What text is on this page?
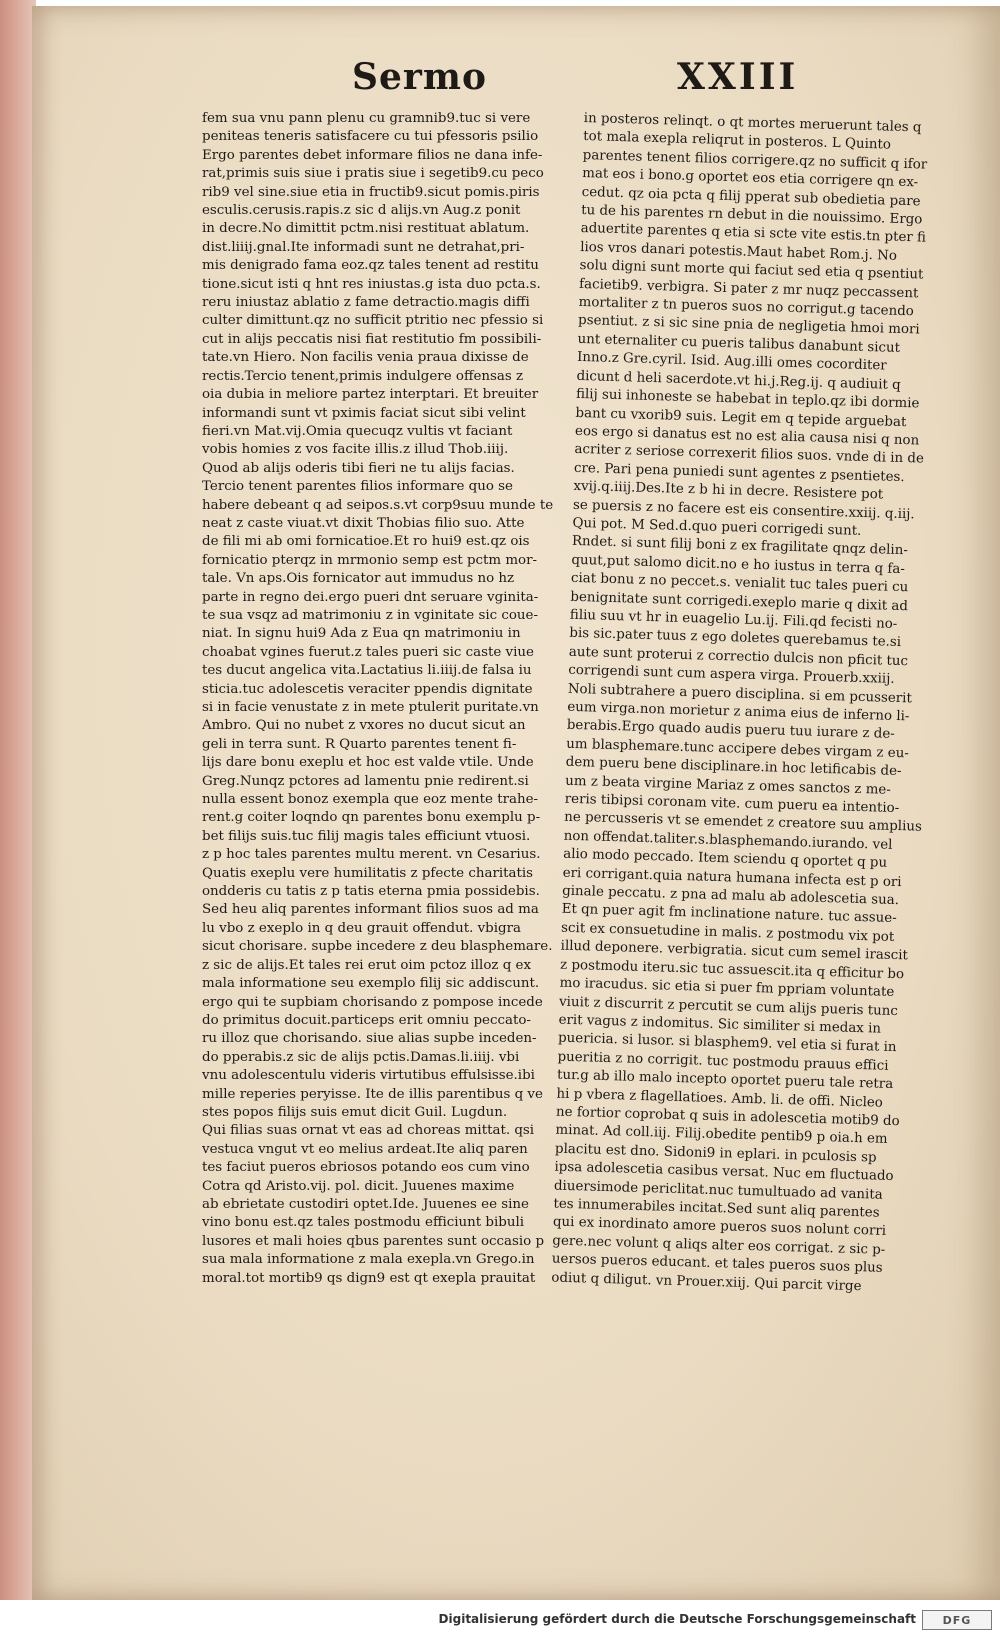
Sermo	XXIII
fem sua vnu pann plenu cu gramnib9.tuc si vere
peniteas teneris satisfacere cu tui pfessoris psilio
Ergo parentes debet informare filios ne dana infe-
rat,primis suis siue i pratis siue i segetib9.cu peco
rib9 vel sine.siue etia in fructib9.sicut pomis.piris
esculis.cerusis.rapis.z sic d alijs.vn Aug.z ponit
in decre.No dimittit pctm.nisi restituat ablatum.
dist.liiij.gnal.Ite informadi sunt ne detrahat,pri-
mis denigrado fama eoz.qz tales tenent ad restitu
tione.sicut isti q hnt res iniustas.g ista duo pcta.s.
reru iniustaz ablatio z fame detractio.magis diffi
culter dimittunt.qz no sufficit ptritio nec pfessio si
cut in alijs peccatis nisi fiat restitutio fm possibili-
tate.vn Hiero. Non facilis venia praua dixisse de
rectis.Tercio tenent,primis indulgere offensas z
oia dubia in meliore partez interptari. Et breuiter
informandi sunt vt pximis faciat sicut sibi velint
fieri.vn Mat.vij.Omia quecuqz vultis vt faciant
vobis homies z vos facite illis.z illud Thob.iiij.
Quod ab alijs oderis tibi fieri ne tu alijs facias.
Tercio tenent parentes filios informare quo se
habere debeant q ad seipos.s.vt corp9suu munde te
neat z caste viuat.vt dixit Thobias filio suo. Atte
de fili mi ab omi fornicatioe.Et ro hui9 est.qz ois
fornicatio pterqz in mrmonio semp est pctm mor-
tale. Vn aps.Ois fornicator aut immudus no hz
parte in regno dei.ergo pueri dnt seruare vginita-
te sua vsqz ad matrimoniu z in vginitate sic coue-
niat. In signu hui9 Ada z Eua qn matrimoniu in
choabat vgines fuerut.z tales pueri sic caste viue
tes ducut angelica vita.Lactatius li.iiij.de falsa iu
sticia.tuc adolescetis veraciter ppendis dignitate
si in facie venustate z in mete ptulerit puritate.vn
Ambro. Qui no nubet z vxores no ducut sicut an
geli in terra sunt. R Quarto parentes tenent fi-
lijs dare bonu exeplu et hoc est valde vtile. Unde
Greg.Nunqz pctores ad lamentu pnie redirent.si
nulla essent bonoz exempla que eoz mente trahe-
rent.g coiter loqndo qn parentes bonu exemplu p-
bet filijs suis.tuc filij magis tales efficiunt vtuosi.
z p hoc tales parentes multu merent. vn Cesarius.
Quatis exeplu vere humilitatis z pfecte charitatis
ondderis cu tatis z p tatis eterna pmia possidebis.
Sed heu aliq parentes informant filios suos ad ma
lu vbo z exeplo in q deu grauit offendut. vbigra
sicut chorisare. supbe incedere z deu blasphemare.
z sic de alijs.Et tales rei erut oim pctoz illoz q ex
mala informatione seu exemplo filij sic addiscunt.
ergo qui te supbiam chorisando z pompose incede
do primitus docuit.particeps erit omniu peccato-
ru illoz que chorisando. siue alias supbe inceden-
do pperabis.z sic de alijs pctis.Damas.li.iiij. vbi
vnu adolescentulu videris virtutibus effulsisse.ibi
mille reperies peryisse. Ite de illis parentibus q ve
stes popos filijs suis emut dicit Guil. Lugdun.
Qui filias suas ornat vt eas ad choreas mittat. qsi
vestuca vngut vt eo melius ardeat.Ite aliq paren
tes faciut pueros ebriosos potando eos cum vino
Cotra qd Aristo.vij. pol. dicit. Juuenes maxime
ab ebrietate custodiri optet.Ide. Juuenes ee sine
vino bonu est.qz tales postmodu efficiunt bibuli
lusores et mali hoies qbus parentes sunt occasio p
sua mala informatione z mala exepla.vn Grego.in
moral.tot mortib9 qs dign9 est qt exepla prauitat
in posteros relinqt. o qt mortes meruerunt tales q
tot mala exepla reliqrut in posteros. L Quinto
parentes tenent filios corrigere.qz no sufficit q ifor
mat eos i bono.g oportet eos etia corrigere qn ex-
cedut. qz oia pcta q filij pperat sub obedietia pare
tu de his parentes rn debut in die nouissimo. Ergo
aduertite parentes q etia si scte vite estis.tn pter fi
lios vros danari potestis.Maut habet Rom.j. No
solu digni sunt morte qui faciut sed etia q psentiut
facietib9. verbigra. Si pater z mr nuqz peccassent
mortaliter z tn pueros suos no corrigut.g tacendo
psentiut. z si sic sine pnia de negligetia hmoi mori
unt eternaliter cu pueris talibus danabunt sicut
Inno.z Gre.cyril. Isid. Aug.illi omes cocorditer
dicunt d heli sacerdote.vt hi.j.Reg.ij. q audiuit q
filij sui inhoneste se habebat in teplo.qz ibi dormie
bant cu vxorib9 suis. Legit em q tepide arguebat
eos ergo si danatus est no est alia causa nisi q non
acriter z seriose correxerit filios suos. vnde di in de
cre. Pari pena puniedi sunt agentes z psentietes.
xvij.q.iiij.Des.Ite z b hi in decre. Resistere pot
se puersis z no facere est eis consentire.xxiij. q.iij.
Qui pot. M Sed.d.quo pueri corrigedi sunt.
Rndet. si sunt filij boni z ex fragilitate qnqz delin-
quut,put salomo dicit.no e ho iustus in terra q fa-
ciat bonu z no peccet.s. venialit tuc tales pueri cu
benignitate sunt corrigedi.exeplo marie q dixit ad
filiu suu vt hr in euagelio Lu.ij. Fili.qd fecisti no-
bis sic.pater tuus z ego doletes querebamus te.si
aute sunt proterui z correctio dulcis non pficit tuc
corrigendi sunt cum aspera virga. Prouerb.xxiij.
Noli subtrahere a puero disciplina. si em pcusserit
eum virga.non morietur z anima eius de inferno li-
berabis.Ergo quado audis pueru tuu iurare z de-
um blasphemare.tunc accipere debes virgam z eu-
dem pueru bene disciplinare.in hoc letificabis de-
um z beata virgine Mariaz z omes sanctos z me-
reris tibipsi coronam vite. cum pueru ea intentio-
ne percusseris vt se emendet z creatore suu amplius
non offendat.taliter.s.blasphemando.iurando. vel
alio modo peccado. Item sciendu q oportet q pu
eri corrigant.quia natura humana infecta est p ori
ginale peccatu. z pna ad malu ab adolescetia sua.
Et qn puer agit fm inclinatione nature. tuc assue-
scit ex consuetudine in malis. z postmodu vix pot
illud deponere. verbigratia. sicut cum semel irascit
z postmodu iteru.sic tuc assuescit.ita q efficitur bo
mo iracudus. sic etia si puer fm ppriam voluntate
viuit z discurrit z percutit se cum alijs pueris tunc
erit vagus z indomitus. Sic similiter si medax in
puericia. si lusor. si blasphem9. vel etia si furat in
pueritia z no corrigit. tuc postmodu prauus effici
tur.g ab illo malo incepto oportet pueru tale retra
hi p vbera z flagellatioes. Amb. li. de offi. Nicleo
ne fortior coprobat q suis in adolescetia motib9 do
minat. Ad coll.iij. Filij.obedite pentib9 p oia.h em
placitu est dno. Sidoni9 in eplari. in pculosis sp
ipsa adolescetia casibus versat. Nuc em fluctuado
diuersimode periclitat.nuc tumultuado ad vanita
tes innumerabiles incitat.Sed sunt aliq parentes
qui ex inordinato amore pueros suos nolunt corri
gere.nec volunt q aliqs alter eos corrigat. z sic p-
uersos pueros educant. et tales pueros suos plus
odiut q diligut. vn Prouer.xiij. Qui parcit virge
Digitalisierung gefördert durch die Deutsche Forschungsgemeinschaft DFG
